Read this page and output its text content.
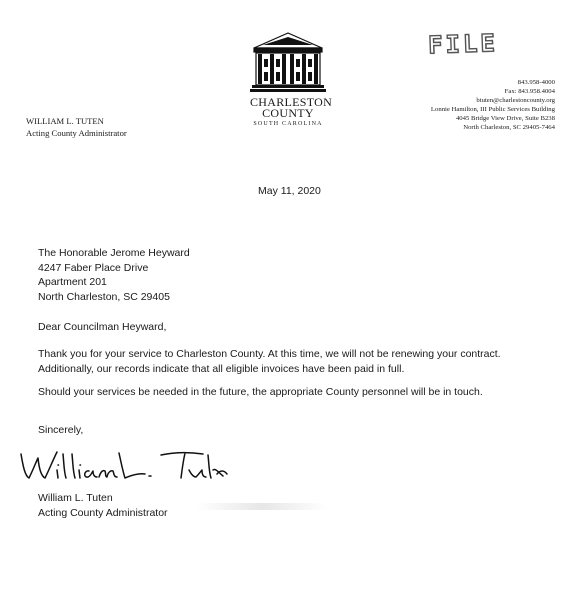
FILE
CHARLESTON
COUNTY
SOUTH CAROLINA
WILLIAM L. TUTEN
Acting County Administrator
843.958-4000
Fax: 843.958.4004
btuten@charlestoncounty.org
Lonnie Hamilton, III Public Services Building
4045 Bridge View Drive, Suite B238
North Charleston, SC 29405-7464
May 11, 2020
The Honorable Jerome Heyward
4247 Faber Place Drive
Apartment 201
North Charleston, SC 29405
Dear Councilman Heyward,
Thank you for your service to Charleston County. At this time, we will not be renewing your contract.
Additionally, our records indicate that all eligible invoices have been paid in full.
Should your services be needed in the future, the appropriate County personnel will be in touch.
Sincerely,
William L. Tuten
Acting County Administrator
